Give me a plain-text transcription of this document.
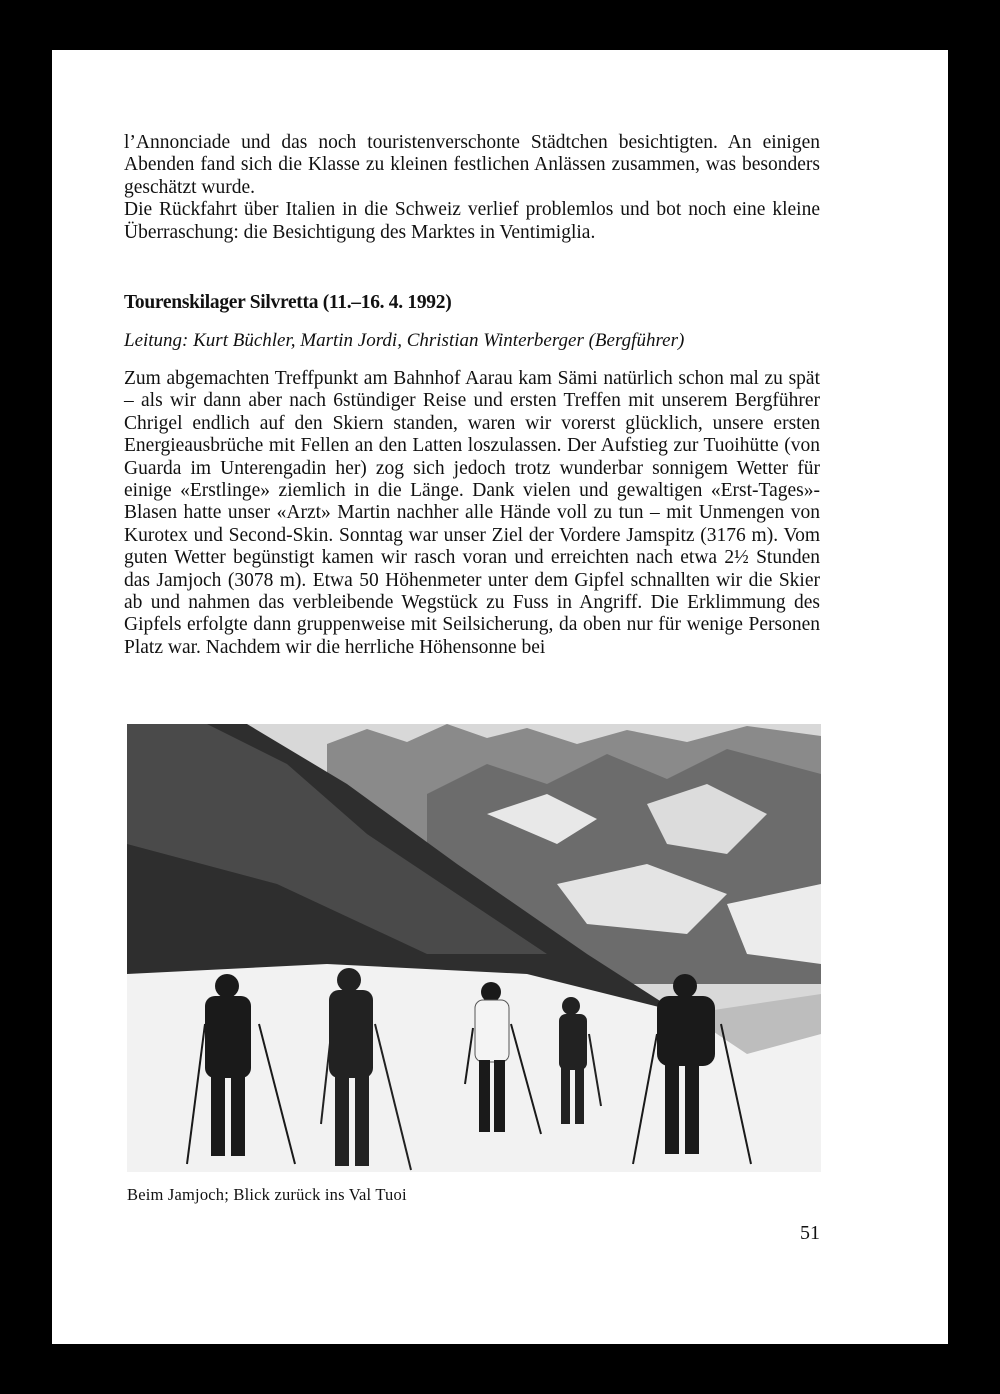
l’Annonciade und das noch touristenverschonte Städtchen besichtigten. An einigen Abenden fand sich die Klasse zu kleinen festlichen Anlässen zusammen, was besonders geschätzt wurde.

Die Rückfahrt über Italien in die Schweiz verlief problemlos und bot noch eine kleine Überraschung: die Besichtigung des Marktes in Ventimiglia.

Tourenskilager Silvretta (11.–16. 4. 1992)
Leitung: Kurt Büchler, Martin Jordi, Christian Winterberger (Bergführer)

Zum abgemachten Treffpunkt am Bahnhof Aarau kam Sämi natürlich schon mal zu spät – als wir dann aber nach 6stündiger Reise und ersten Treffen mit unserem Bergführer Chrigel endlich auf den Skiern standen, waren wir vorerst glücklich, unsere ersten Energieausbrüche mit Fellen an den Latten loszulassen. Der Aufstieg zur Tuoihütte (von Guarda im Unterengadin her) zog sich jedoch trotz wunderbar sonnigem Wetter für einige «Erstlinge» ziemlich in die Länge. Dank vielen und gewaltigen «Erst-Tages»-Blasen hatte unser «Arzt» Martin nachher alle Hände voll zu tun – mit Unmengen von Kurotex und Second-Skin. Sonntag war unser Ziel der Vordere Jamspitz (3176 m). Vom guten Wetter begünstigt kamen wir rasch voran und erreichten nach etwa 2½ Stunden das Jamjoch (3078 m). Etwa 50 Höhenmeter unter dem Gipfel schnallten wir die Skier ab und nahmen das verbleibende Wegstück zu Fuss in Angriff. Die Erklimmung des Gipfels erfolgte dann gruppenweise mit Seilsicherung, da oben nur für wenige Personen Platz war. Nachdem wir die herrliche Höhensonne bei

Beim Jamjoch; Blick zurück ins Val Tuoi
51
